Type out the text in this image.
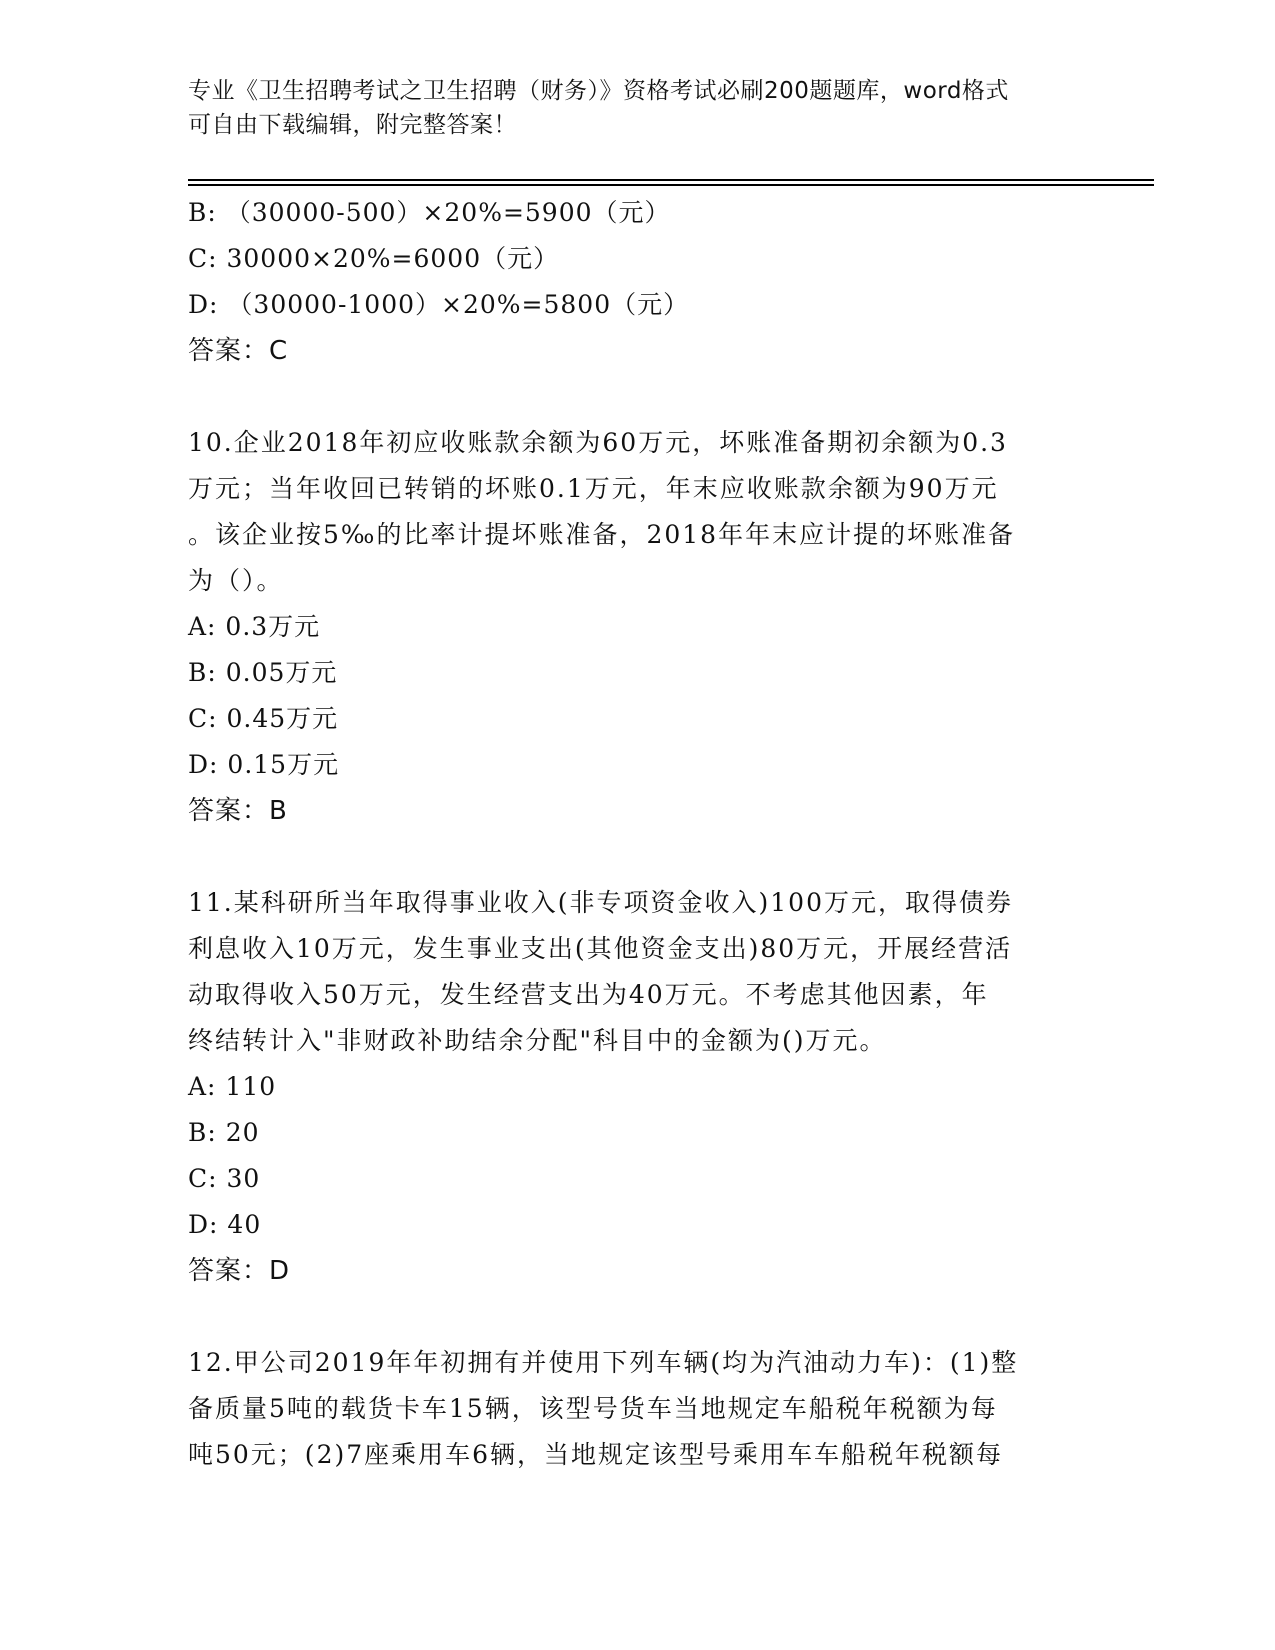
专业《卫生招聘考试之卫生招聘（财务）》资格考试必刷200题题库，word格式
可自由下载编辑，附完整答案！
B: （30000-500）×20%=5900（元）
C: 30000×20%=6000（元）
D: （30000-1000）×20%=5800（元）
答案：C
10.企业2018年初应收账款余额为60万元，坏账准备期初余额为0.3
万元；当年收回已转销的坏账0.1万元，年末应收账款余额为90万元
。该企业按5‰的比率计提坏账准备，2018年年末应计提的坏账准备
为（）。
A: 0.3万元
B: 0.05万元
C: 0.45万元
D: 0.15万元
答案：B
11.某科研所当年取得事业收入(非专项资金收入)100万元，取得债券
利息收入10万元，发生事业支出(其他资金支出)80万元，开展经营活
动取得收入50万元，发生经营支出为40万元。不考虑其他因素，年
终结转计入"非财政补助结余分配"科目中的金额为()万元。
A: 110
B: 20
C: 30
D: 40
答案：D
12.甲公司2019年年初拥有并使用下列车辆(均为汽油动力车)：(1)整
备质量5吨的载货卡车15辆，该型号货车当地规定车船税年税额为每
吨50元；(2)7座乘用车6辆，当地规定该型号乘用车车船税年税额每
